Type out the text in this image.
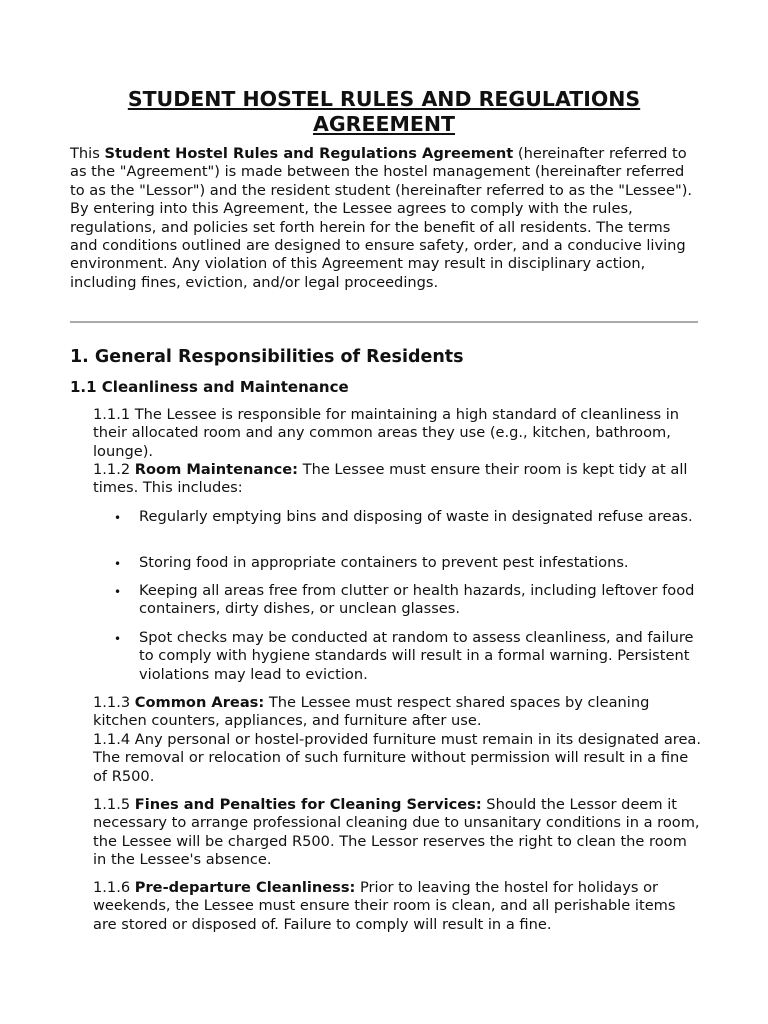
STUDENT HOSTEL RULES AND REGULATIONS AGREEMENT
This Student Hostel Rules and Regulations Agreement (hereinafter referred to as the "Agreement") is made between the hostel management (hereinafter referred to as the "Lessor") and the resident student (hereinafter referred to as the "Lessee"). By entering into this Agreement, the Lessee agrees to comply with the rules, regulations, and policies set forth herein for the benefit of all residents. The terms and conditions outlined are designed to ensure safety, order, and a conducive living environment. Any violation of this Agreement may result in disciplinary action, including fines, eviction, and/or legal proceedings.
1. General Responsibilities of Residents
1.1 Cleanliness and Maintenance
1.1.1 The Lessee is responsible for maintaining a high standard of cleanliness in their allocated room and any common areas they use (e.g., kitchen, bathroom, lounge).
1.1.2 Room Maintenance: The Lessee must ensure their room is kept tidy at all times. This includes:
• Regularly emptying bins and disposing of waste in designated refuse areas.
• Storing food in appropriate containers to prevent pest infestations.
• Keeping all areas free from clutter or health hazards, including leftover food containers, dirty dishes, or unclean glasses.
• Spot checks may be conducted at random to assess cleanliness, and failure to comply with hygiene standards will result in a formal warning. Persistent violations may lead to eviction.
1.1.3 Common Areas: The Lessee must respect shared spaces by cleaning kitchen counters, appliances, and furniture after use.
1.1.4 Any personal or hostel-provided furniture must remain in its designated area. The removal or relocation of such furniture without permission will result in a fine of R500.
1.1.5 Fines and Penalties for Cleaning Services: Should the Lessor deem it necessary to arrange professional cleaning due to unsanitary conditions in a room, the Lessee will be charged R500. The Lessor reserves the right to clean the room in the Lessee's absence.
1.1.6 Pre-departure Cleanliness: Prior to leaving the hostel for holidays or weekends, the Lessee must ensure their room is clean, and all perishable items are stored or disposed of. Failure to comply will result in a fine.
